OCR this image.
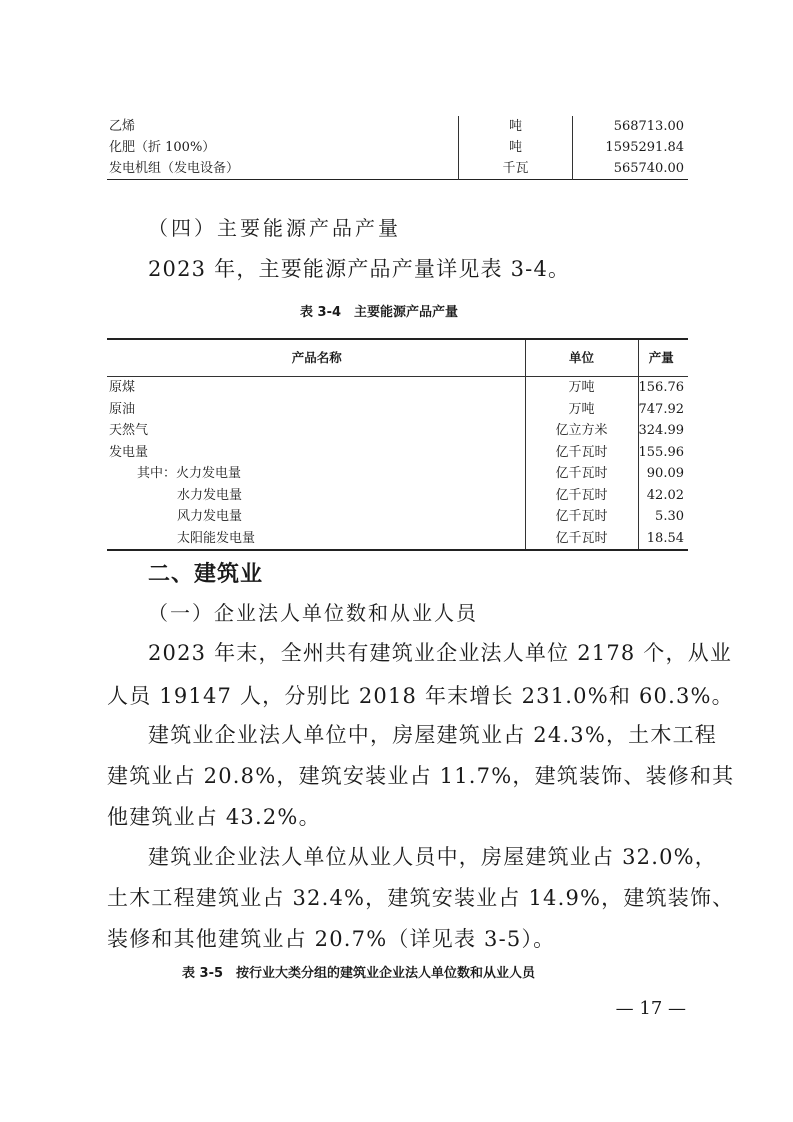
乙烯	吨	568713.00
化肥（折 100%）	吨	1595291.84
发电机组（发电设备）	千瓦	565740.00
（四）主要能源产品产量
2023 年，主要能源产品产量详见表 3-4。
表 3-4　主要能源产品产量
产品名称	单位	产量
原煤	万吨	156.76
原油	万吨	747.92
天然气	亿立方米	324.99
发电量	亿千瓦时	155.96
其中：火力发电量	亿千瓦时	90.09
水力发电量	亿千瓦时	42.02
风力发电量	亿千瓦时	5.30
太阳能发电量	亿千瓦时	18.54
二、建筑业
（一）企业法人单位数和从业人员
2023 年末，全州共有建筑业企业法人单位 2178 个，从业
人员 19147 人，分别比 2018 年末增长 231.0%和 60.3%。
建筑业企业法人单位中，房屋建筑业占 24.3%，土木工程
建筑业占 20.8%，建筑安装业占 11.7%，建筑装饰、装修和其
他建筑业占 43.2%。
建筑业企业法人单位从业人员中，房屋建筑业占 32.0%，
土木工程建筑业占 32.4%，建筑安装业占 14.9%，建筑装饰、
装修和其他建筑业占 20.7%（详见表 3-5）。
表 3-5　按行业大类分组的建筑业企业法人单位数和从业人员
— 17 —
